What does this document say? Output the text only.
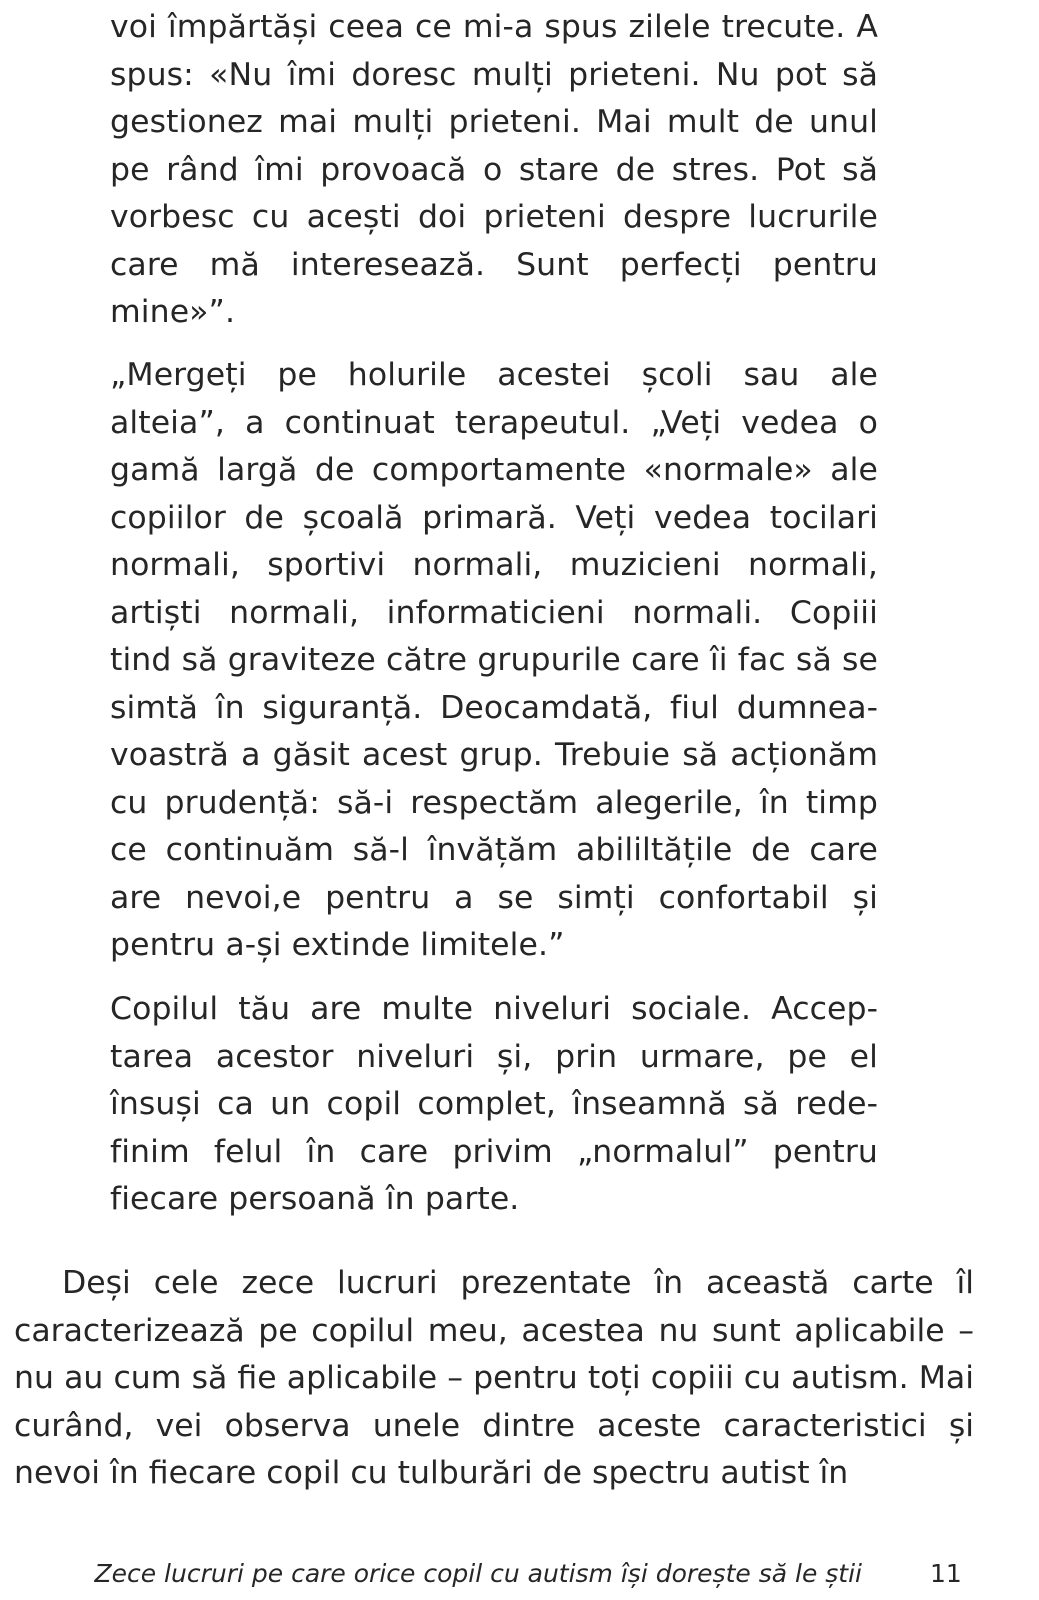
voi împărtăși ceea ce mi-a spus zilele trecute. A spus: «Nu îmi doresc mulți prieteni. Nu pot să gestionez mai mulți prieteni. Mai mult de unul pe rând îmi provoacă o stare de stres. Pot să vorbesc cu acești doi prieteni despre lucrurile care mă interesează. Sunt perfecți pentru mine»”.

„Mergeți pe holurile acestei școli sau ale alteia”, a continuat terapeutul. „Veți vedea o gamă largă de comportamente «normale» ale copiilor de școală primară. Veți vedea tocilari normali, sportivi normali, muzicieni normali, artiști normali, informaticieni normali. Copiii tind să graviteze către grupurile care îi fac să se simtă în siguranță. Deocamdată, fiul dumneavoastră a găsit acest grup. Trebuie să acționăm cu prudență: să-i respectăm alegerile, în timp ce continuăm să-l învățăm abililtățile de care are nevoi,e pentru a se simți confortabil și pentru a-și extinde limitele.”

Copilul tău are multe niveluri sociale. Acceptarea acestor niveluri și, prin urmare, pe el însuși ca un copil complet, înseamnă să redefinim felul în care privim „normalul” pentru fiecare persoană în parte.

Deși cele zece lucruri prezentate în această carte îl caracterizează pe copilul meu, acestea nu sunt aplicabile – nu au cum să fie aplicabile – pentru toți copiii cu autism. Mai curând, vei observa unele dintre aceste caracteristici și nevoi în fiecare copil cu tulburări de spectru autist în

Zece lucruri pe care orice copil cu autism își dorește să le știi	11
